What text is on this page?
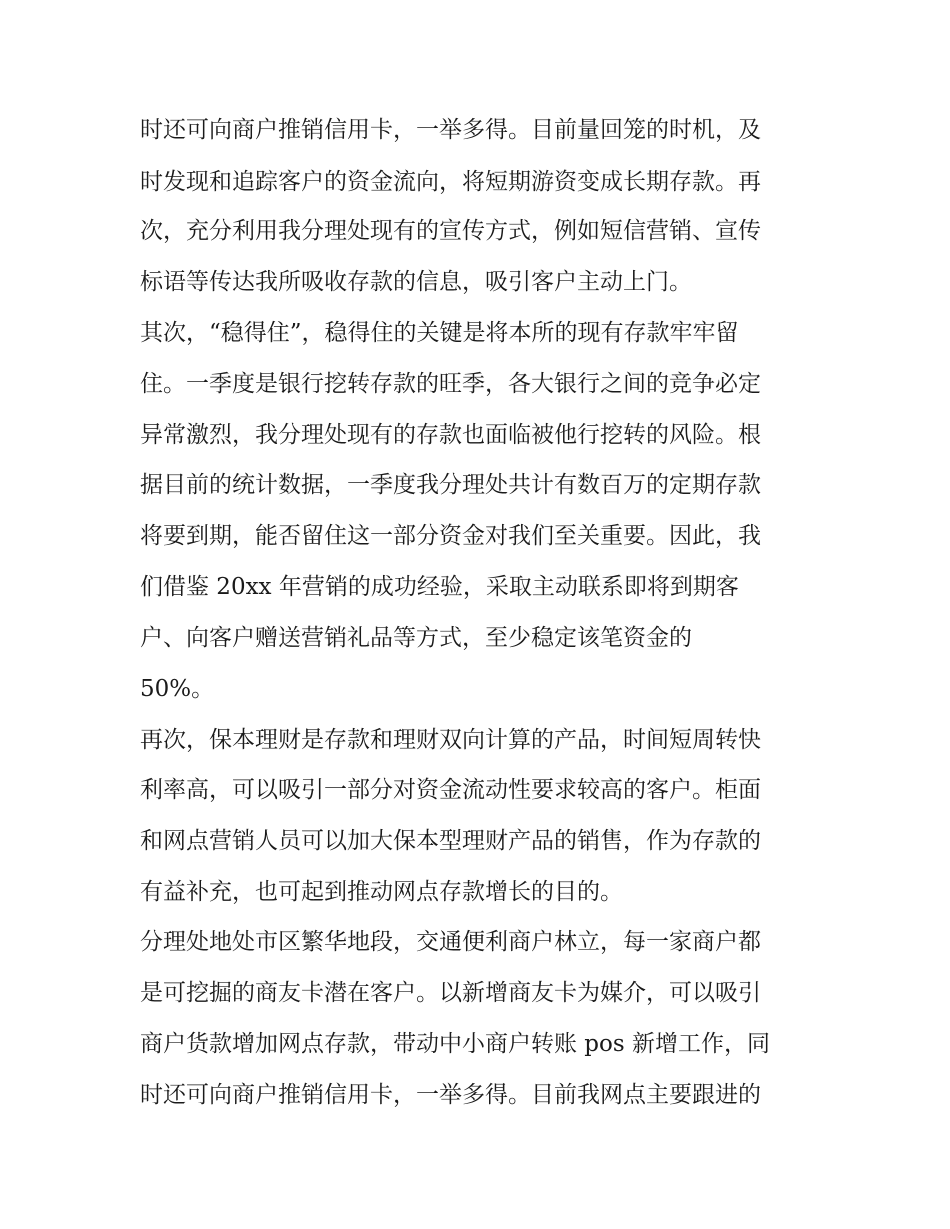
时还可向商户推销信用卡，一举多得。目前量回笼的时机，及
时发现和追踪客户的资金流向，将短期游资变成长期存款。再
次，充分利用我分理处现有的宣传方式，例如短信营销、宣传
标语等传达我所吸收存款的信息，吸引客户主动上门。
其次，“稳得住”，稳得住的关键是将本所的现有存款牢牢留
住。一季度是银行挖转存款的旺季，各大银行之间的竞争必定
异常激烈，我分理处现有的存款也面临被他行挖转的风险。根
据目前的统计数据，一季度我分理处共计有数百万的定期存款
将要到期，能否留住这一部分资金对我们至关重要。因此，我
们借鉴 20xx 年营销的成功经验，采取主动联系即将到期客
户、向客户赠送营销礼品等方式，至少稳定该笔资金的
50%。
再次，保本理财是存款和理财双向计算的产品，时间短周转快
利率高，可以吸引一部分对资金流动性要求较高的客户。柜面
和网点营销人员可以加大保本型理财产品的销售，作为存款的
有益补充，也可起到推动网点存款增长的目的。
分理处地处市区繁华地段，交通便利商户林立，每一家商户都
是可挖掘的商友卡潜在客户。以新增商友卡为媒介，可以吸引
商户货款增加网点存款，带动中小商户转账 pos 新增工作，同
时还可向商户推销信用卡，一举多得。目前我网点主要跟进的
